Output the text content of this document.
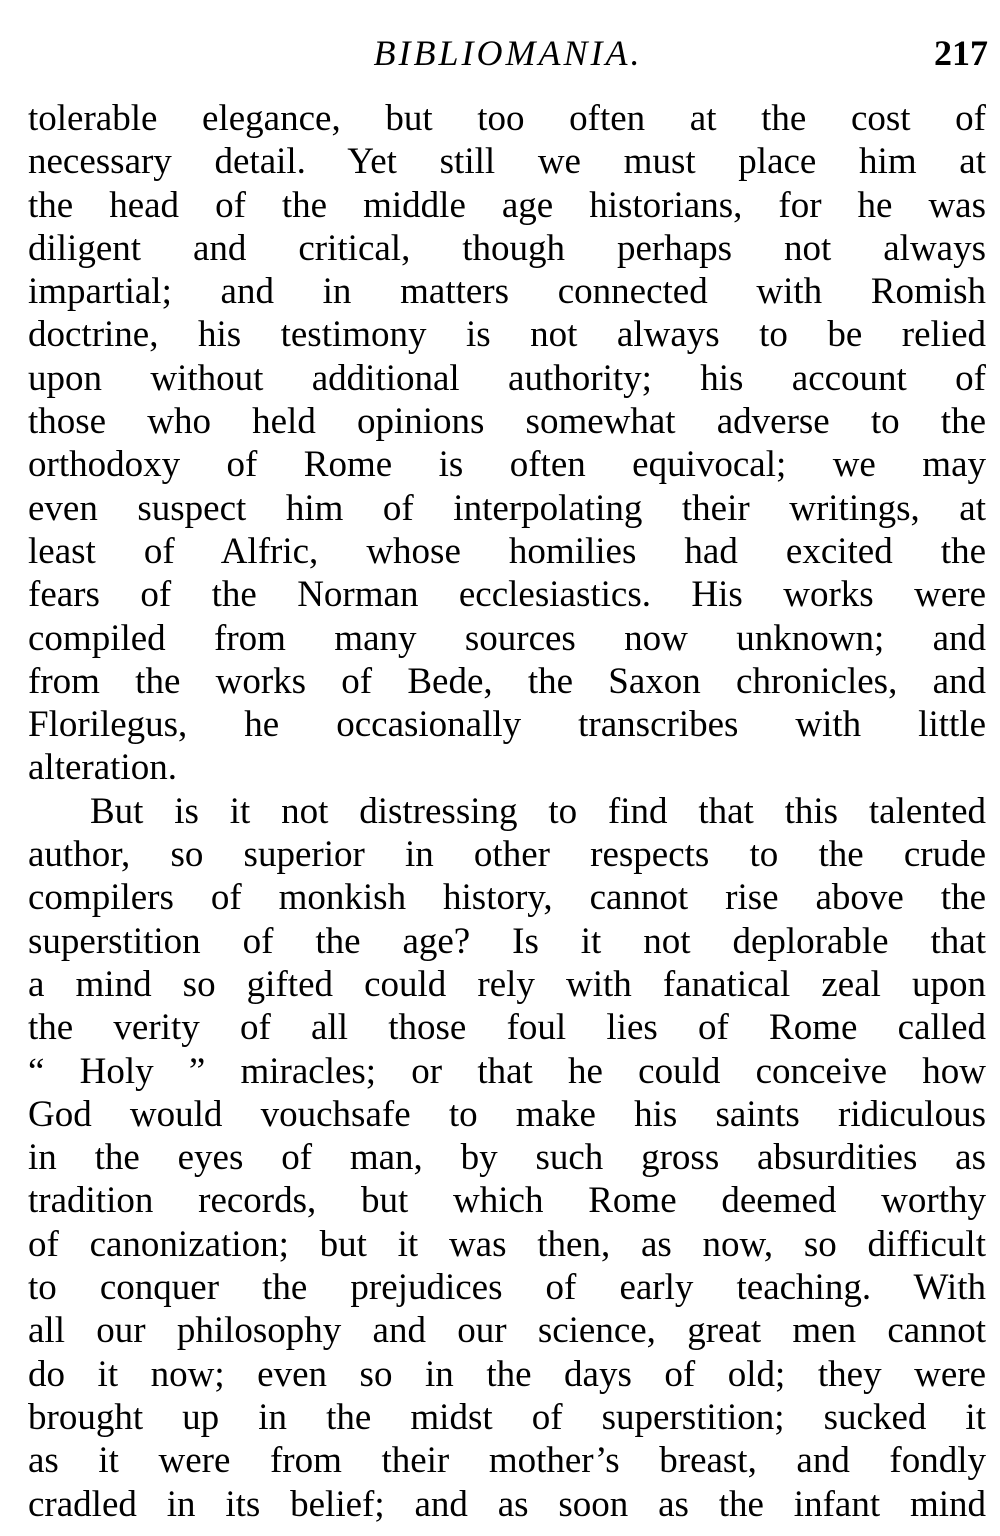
BIBLIOMANIA.	217
tolerable elegance, but too often at the cost of
necessary detail. Yet still we must place him at
the head of the middle age historians, for he was
diligent and critical, though perhaps not always
impartial; and in matters connected with Romish
doctrine, his testimony is not always to be relied
upon without additional authority; his account of
those who held opinions somewhat adverse to the
orthodoxy of Rome is often equivocal; we may
even suspect him of interpolating their writings, at
least of Alfric, whose homilies had excited the
fears of the Norman ecclesiastics. His works were
compiled from many sources now unknown; and
from the works of Bede, the Saxon chronicles, and
Florilegus, he occasionally transcribes with little
alteration.
But is it not distressing to find that this talented
author, so superior in other respects to the crude
compilers of monkish history, cannot rise above the
superstition of the age? Is it not deplorable that
a mind so gifted could rely with fanatical zeal upon
the verity of all those foul lies of Rome called
“ Holy ” miracles; or that he could conceive how
God would vouchsafe to make his saints ridiculous
in the eyes of man, by such gross absurdities as
tradition records, but which Rome deemed worthy
of canonization; but it was then, as now, so difficult
to conquer the prejudices of early teaching. With
all our philosophy and our science, great men cannot
do it now; even so in the days of old; they were
brought up in the midst of superstition; sucked it
as it were from their mother’s breast, and fondly
cradled in its belief; and as soon as the infant mind
